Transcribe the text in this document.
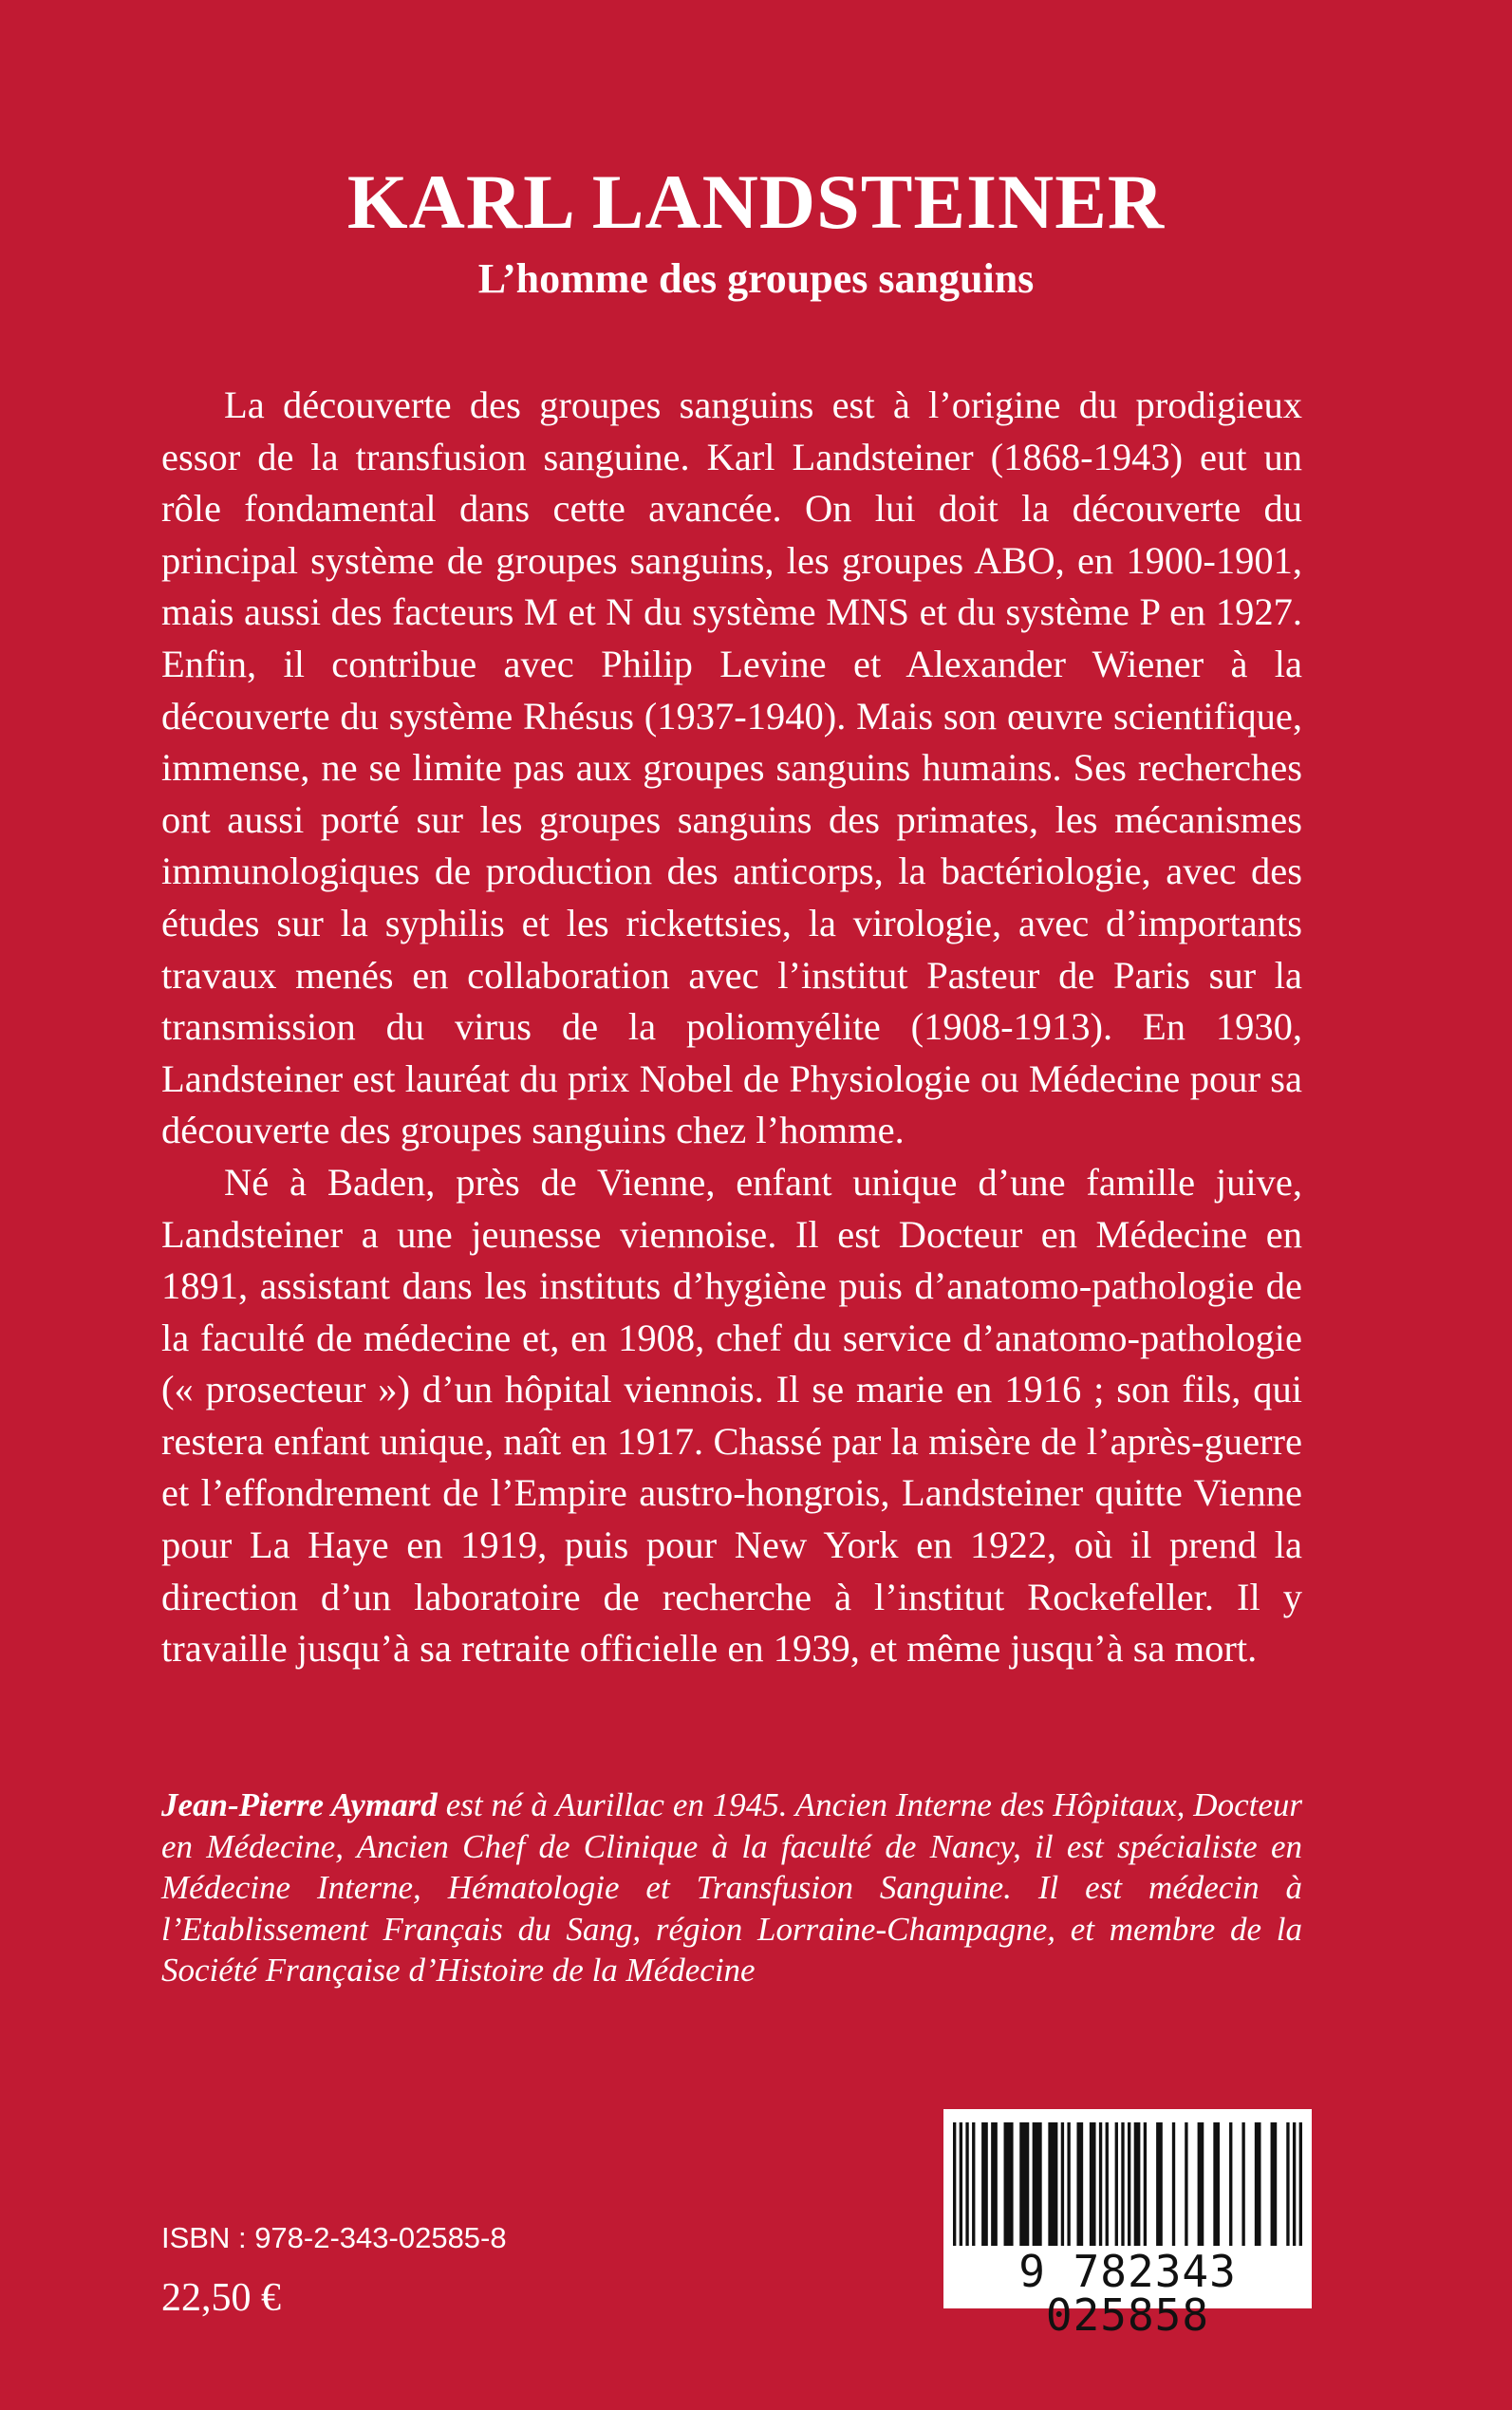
KARL LANDSTEINER
L’homme des groupes sanguins

La découverte des groupes sanguins est à l’origine du prodigieux essor de la transfusion sanguine. Karl Landsteiner (1868-1943) eut un rôle fondamental dans cette avancée. On lui doit la découverte du principal système de groupes sanguins, les groupes ABO, en 1900-1901, mais aussi des facteurs M et N du système MNS et du système P en 1927. Enfin, il contribue avec Philip Levine et Alexander Wiener à la découverte du système Rhésus (1937-1940). Mais son œuvre scientifique, immense, ne se limite pas aux groupes sanguins humains. Ses recherches ont aussi porté sur les groupes sanguins des primates, les mécanismes immunologiques de production des anticorps, la bactériologie, avec des études sur la syphilis et les rickettsies, la virologie, avec d’importants travaux menés en collaboration avec l’institut Pasteur de Paris sur la transmission du virus de la poliomyélite (1908-1913). En 1930, Landsteiner est lauréat du prix Nobel de Physiologie ou Médecine pour sa découverte des groupes sanguins chez l’homme.

Né à Baden, près de Vienne, enfant unique d’une famille juive, Landsteiner a une jeunesse viennoise. Il est Docteur en Médecine en 1891, assistant dans les instituts d’hygiène puis d’anatomo-pathologie de la faculté de médecine et, en 1908, chef du service d’anatomo-pathologie (« prosecteur ») d’un hôpital viennois. Il se marie en 1916 ; son fils, qui restera enfant unique, naît en 1917. Chassé par la misère de l’après-guerre et l’effondrement de l’Empire austro-hongrois, Landsteiner quitte Vienne pour La Haye en 1919, puis pour New York en 1922, où il prend la direction d’un laboratoire de recherche à l’institut Rockefeller. Il y travaille jusqu’à sa retraite officielle en 1939, et même jusqu’à sa mort.

Jean-Pierre Aymard est né à Aurillac en 1945. Ancien Interne des Hôpitaux, Docteur en Médecine, Ancien Chef de Clinique à la faculté de Nancy, il est spécialiste en Médecine Interne, Hématologie et Transfusion Sanguine. Il est médecin à l’Etablissement Français du Sang, région Lorraine-Champagne, et membre de la Société Française d’Histoire de la Médecine

ISBN : 978-2-343-02585-8
22,50 €
9 782343 025858
